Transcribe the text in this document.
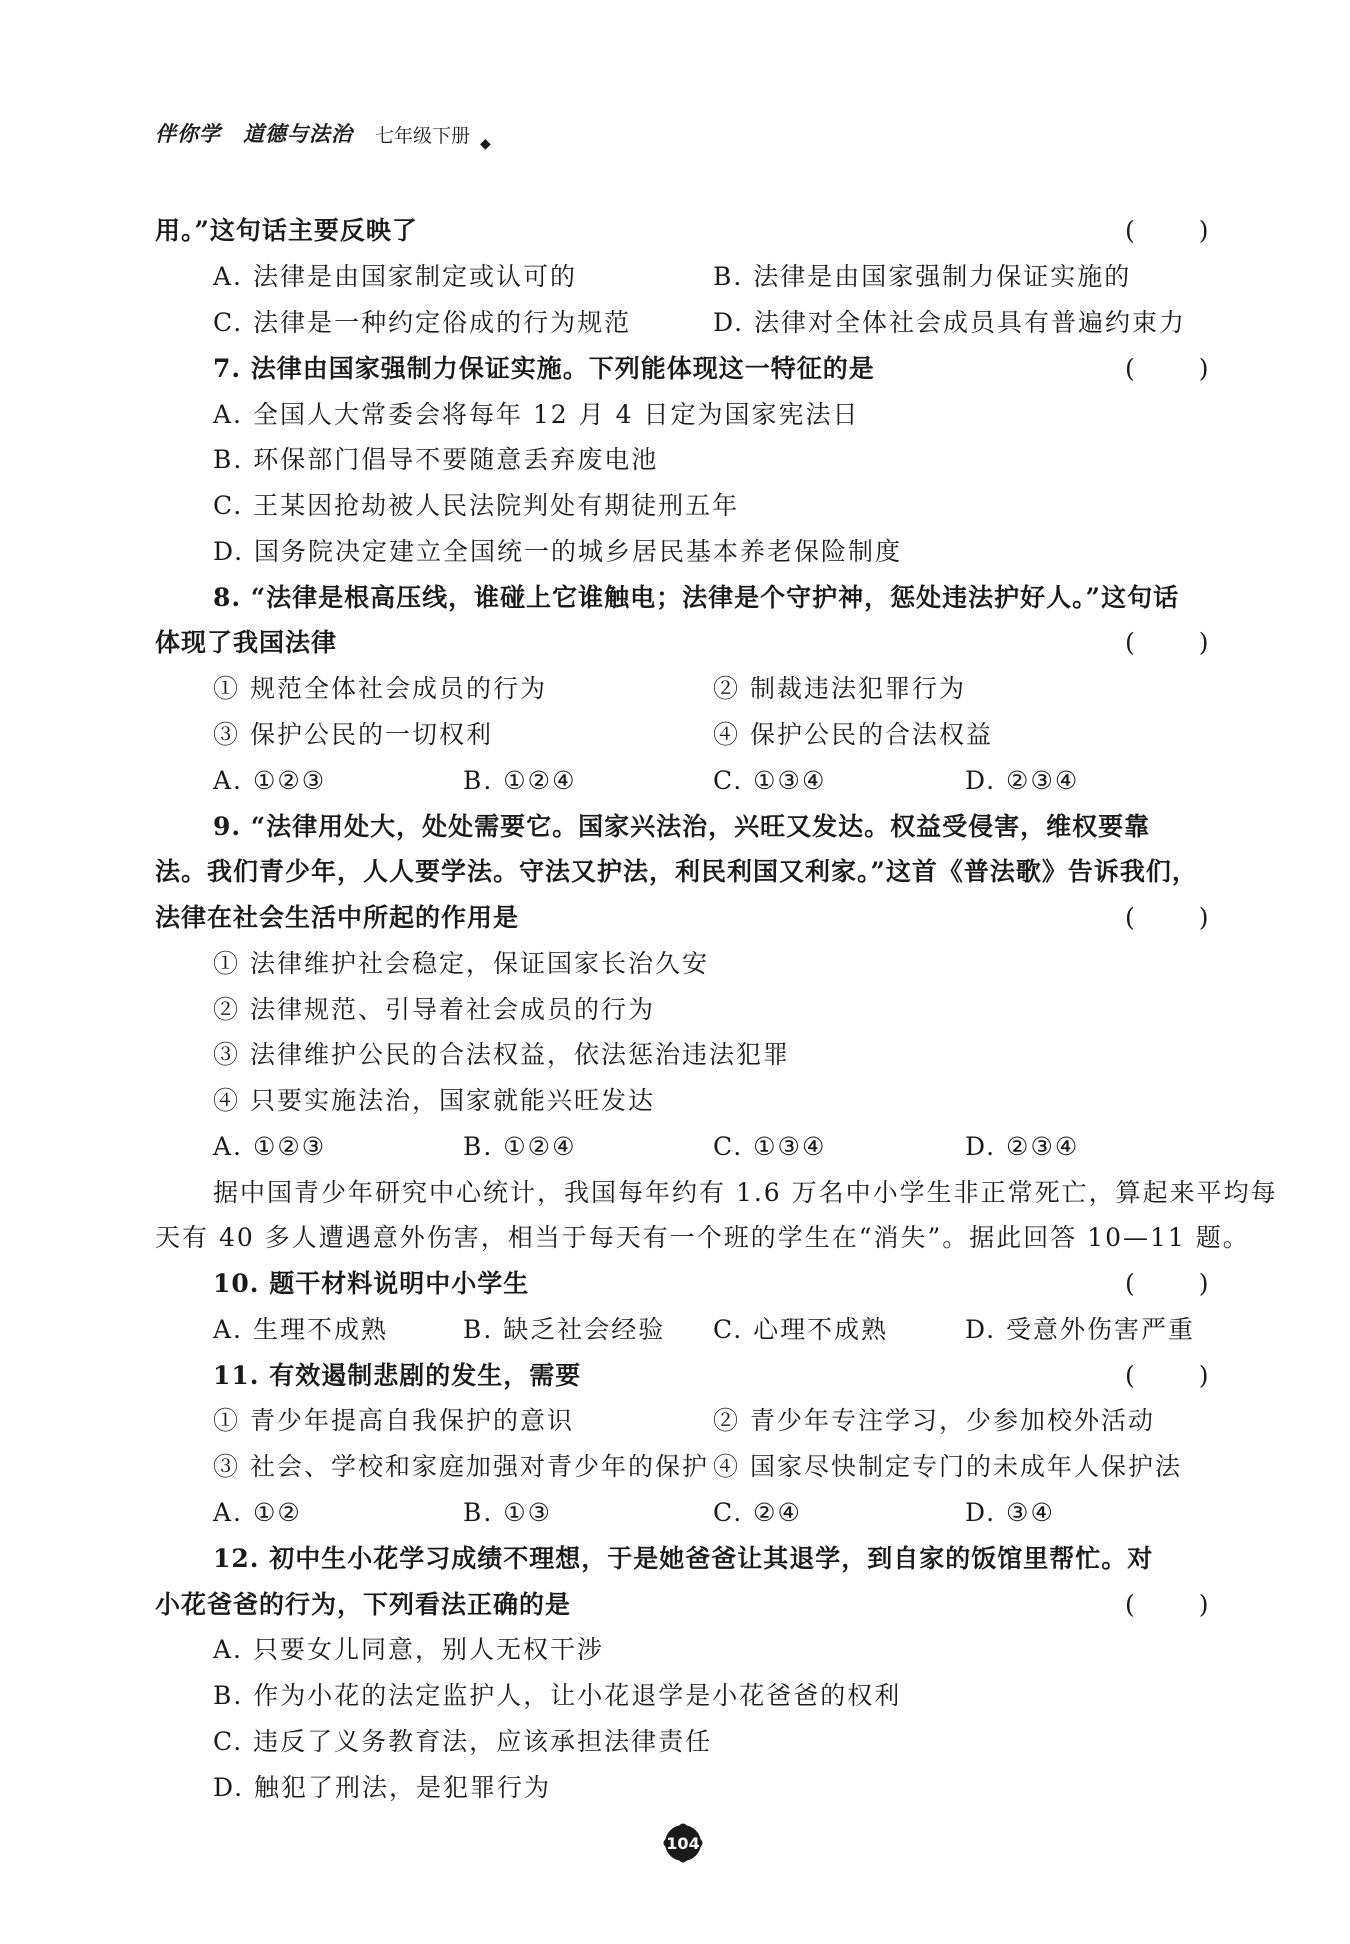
伴你学 道德与法治 七年级下册 ◆
用。”这句话主要反映了	( )
A. 法律是由国家制定或认可的	B. 法律是由国家强制力保证实施的
C. 法律是一种约定俗成的行为规范	D. 法律对全体社会成员具有普遍约束力
7. 法律由国家强制力保证实施。下列能体现这一特征的是	( )
A. 全国人大常委会将每年 12 月 4 日定为国家宪法日
B. 环保部门倡导不要随意丢弃废电池
C. 王某因抢劫被人民法院判处有期徒刑五年
D. 国务院决定建立全国统一的城乡居民基本养老保险制度
8. “法律是根高压线，谁碰上它谁触电；法律是个守护神，惩处违法护好人。”这句话
体现了我国法律	( )
① 规范全体社会成员的行为	② 制裁违法犯罪行为
③ 保护公民的一切权利	④ 保护公民的合法权益
A. ①②③	B. ①②④	C. ①③④	D. ②③④
9. “法律用处大，处处需要它。国家兴法治，兴旺又发达。权益受侵害，维权要靠
法。我们青少年，人人要学法。守法又护法，利民利国又利家。”这首《普法歌》告诉我们，
法律在社会生活中所起的作用是	( )
① 法律维护社会稳定，保证国家长治久安
② 法律规范、引导着社会成员的行为
③ 法律维护公民的合法权益，依法惩治违法犯罪
④ 只要实施法治，国家就能兴旺发达
A. ①②③	B. ①②④	C. ①③④	D. ②③④
据中国青少年研究中心统计，我国每年约有 1.6 万名中小学生非正常死亡，算起来平均每
天有 40 多人遭遇意外伤害，相当于每天有一个班的学生在“消失”。据此回答 10—11 题。
10. 题干材料说明中小学生	( )
A. 生理不成熟	B. 缺乏社会经验 C. 心理不成熟	D. 受意外伤害严重
11. 有效遏制悲剧的发生，需要	( )
① 青少年提高自我保护的意识	② 青少年专注学习，少参加校外活动
③ 社会、学校和家庭加强对青少年的保护 ④ 国家尽快制定专门的未成年人保护法
A. ①②	B. ①③	C. ②④	D. ③④
12. 初中生小花学习成绩不理想，于是她爸爸让其退学，到自家的饭馆里帮忙。对
小花爸爸的行为，下列看法正确的是	( )
A. 只要女儿同意，别人无权干涉
B. 作为小花的法定监护人，让小花退学是小花爸爸的权利
C. 违反了义务教育法，应该承担法律责任
D. 触犯了刑法，是犯罪行为
104
